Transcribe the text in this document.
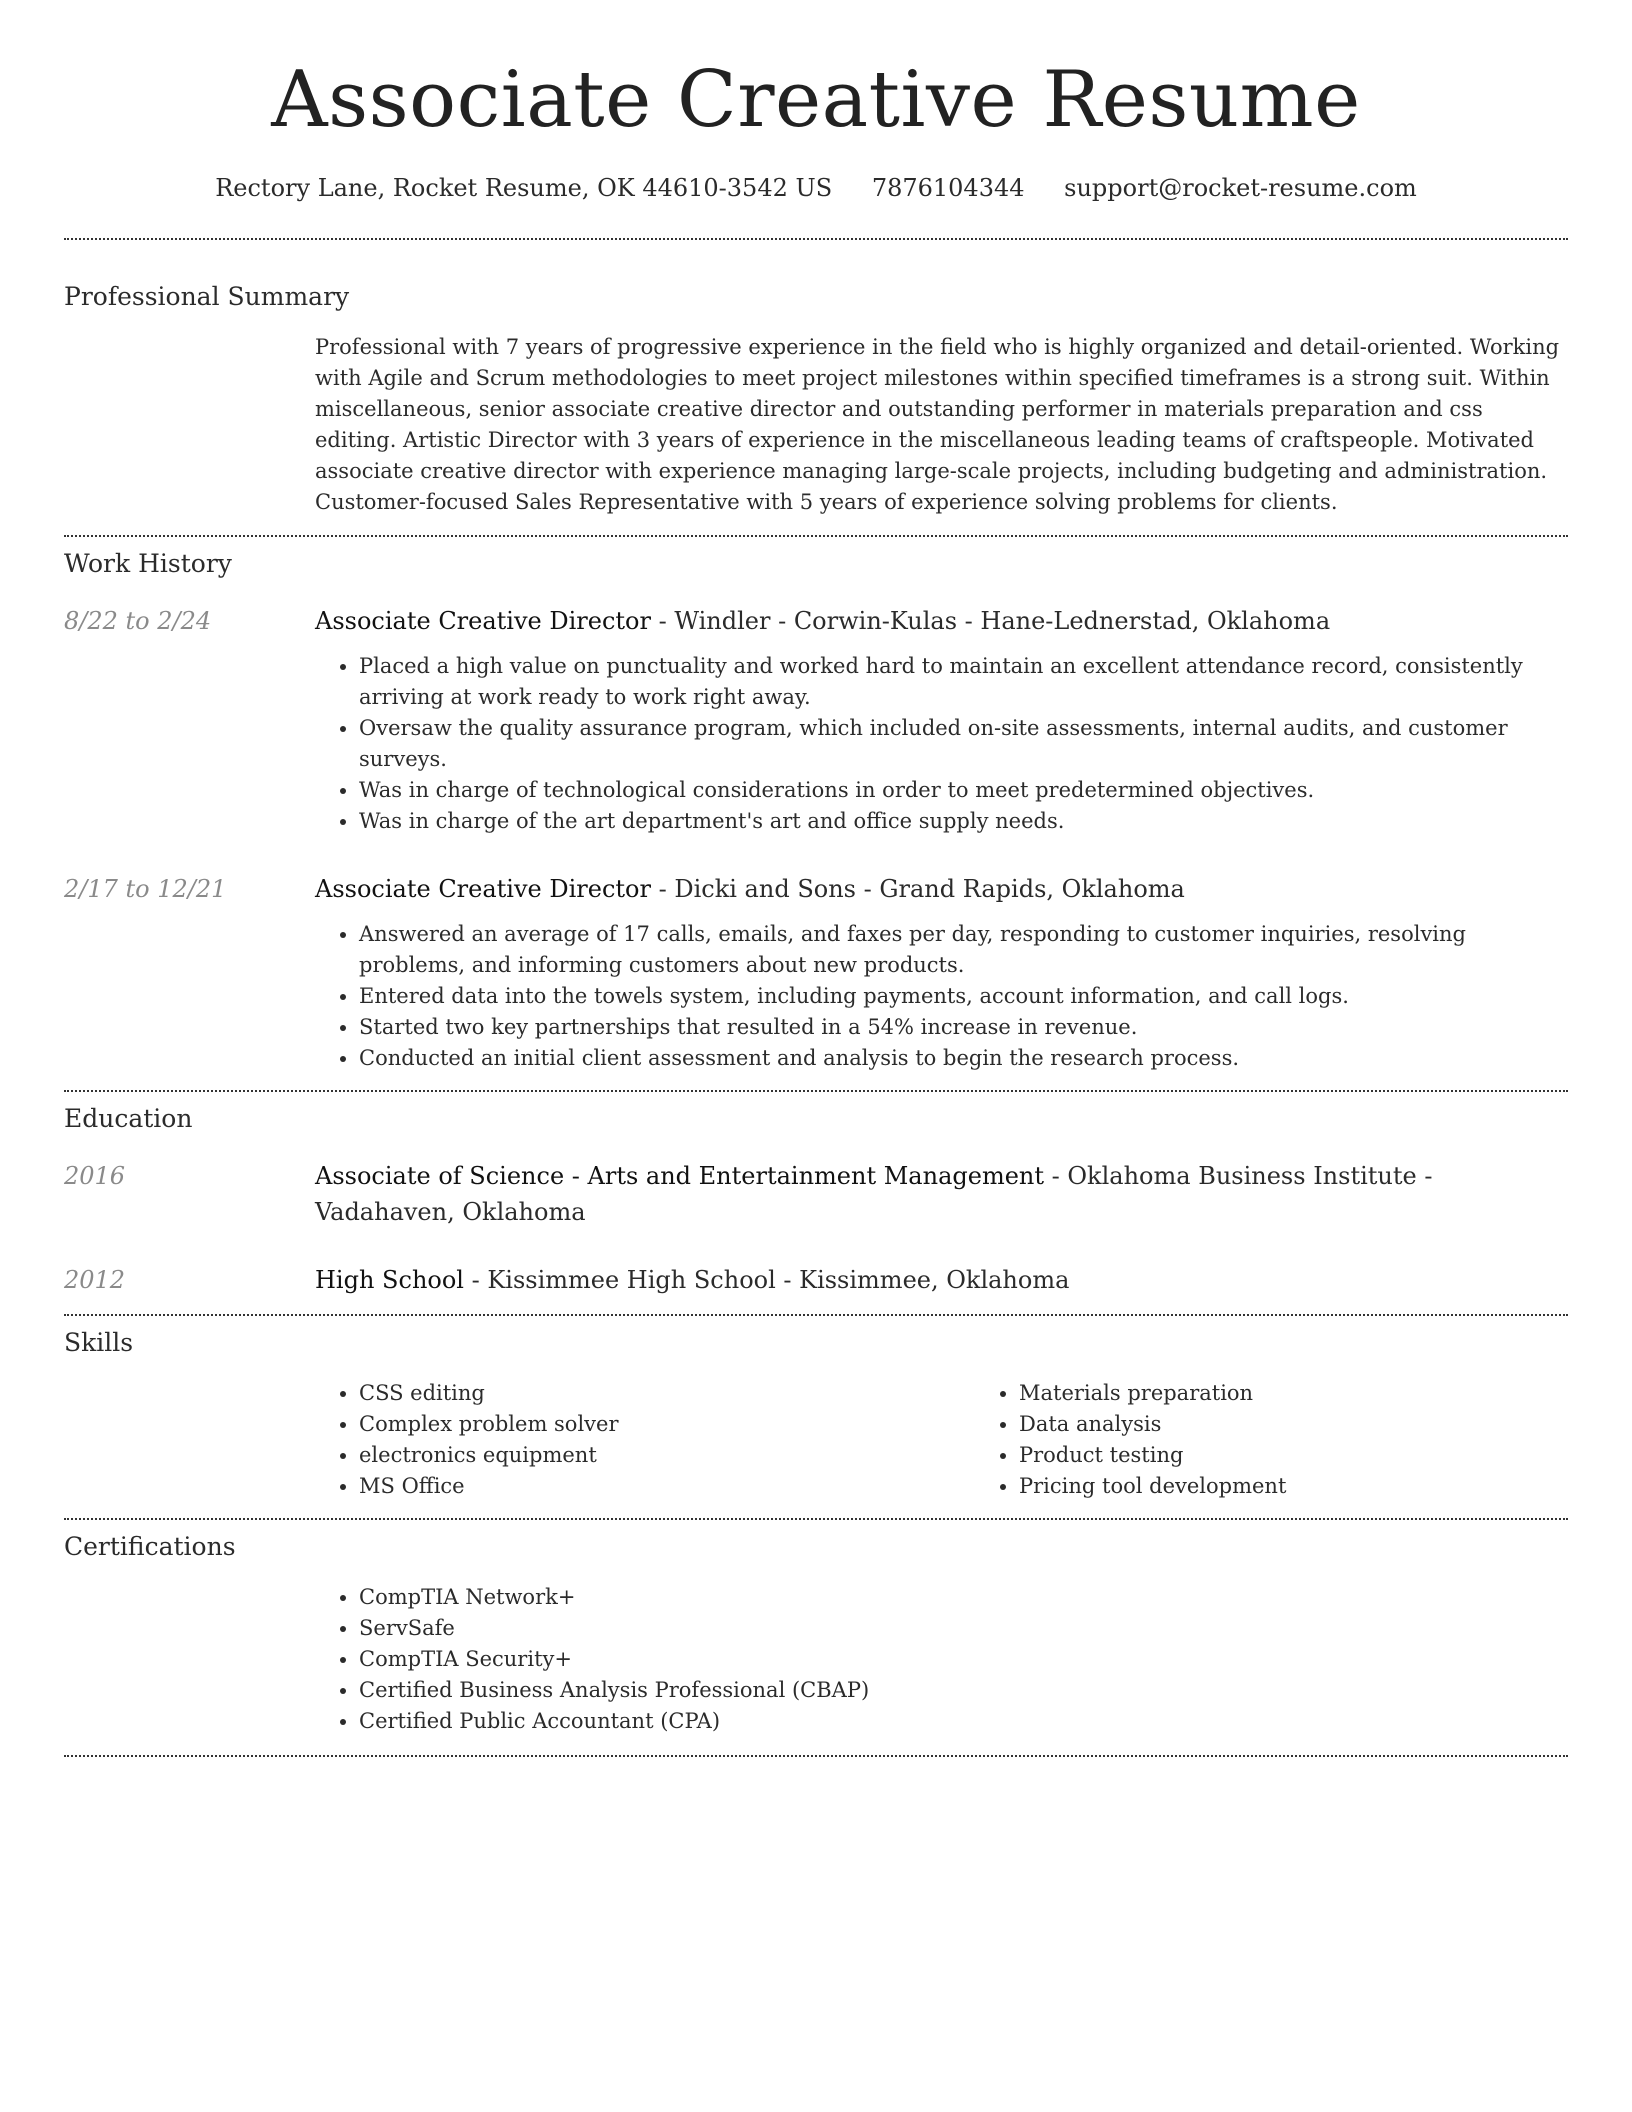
Associate Creative Resume
Rectory Lane, Rocket Resume, OK 44610-3542 US 7876104344 support@rocket-resume.com
Professional Summary
Professional with 7 years of progressive experience in the field who is highly organized and detail-oriented. Working with Agile and Scrum methodologies to meet project milestones within specified timeframes is a strong suit. Within miscellaneous, senior associate creative director and outstanding performer in materials preparation and css editing. Artistic Director with 3 years of experience in the miscellaneous leading teams of craftspeople. Motivated associate creative director with experience managing large-scale projects, including budgeting and administration. Customer-focused Sales Representative with 5 years of experience solving problems for clients.
Work History
8/22 to 2/24	Associate Creative Director - Windler - Corwin-Kulas - Hane-Lednerstad, Oklahoma
• Placed a high value on punctuality and worked hard to maintain an excellent attendance record, consistently arriving at work ready to work right away.
• Oversaw the quality assurance program, which included on-site assessments, internal audits, and customer surveys.
• Was in charge of technological considerations in order to meet predetermined objectives.
• Was in charge of the art department's art and office supply needs.
2/17 to 12/21	Associate Creative Director - Dicki and Sons - Grand Rapids, Oklahoma
• Answered an average of 17 calls, emails, and faxes per day, responding to customer inquiries, resolving problems, and informing customers about new products.
• Entered data into the towels system, including payments, account information, and call logs.
• Started two key partnerships that resulted in a 54% increase in revenue.
• Conducted an initial client assessment and analysis to begin the research process.
Education
2016	Associate of Science - Arts and Entertainment Management - Oklahoma Business Institute - Vadahaven, Oklahoma
2012	High School - Kissimmee High School - Kissimmee, Oklahoma
Skills
• CSS editing
• Complex problem solver
• electronics equipment
• MS Office
• Materials preparation
• Data analysis
• Product testing
• Pricing tool development
Certifications
• CompTIA Network+
• ServSafe
• CompTIA Security+
• Certified Business Analysis Professional (CBAP)
• Certified Public Accountant (CPA)
